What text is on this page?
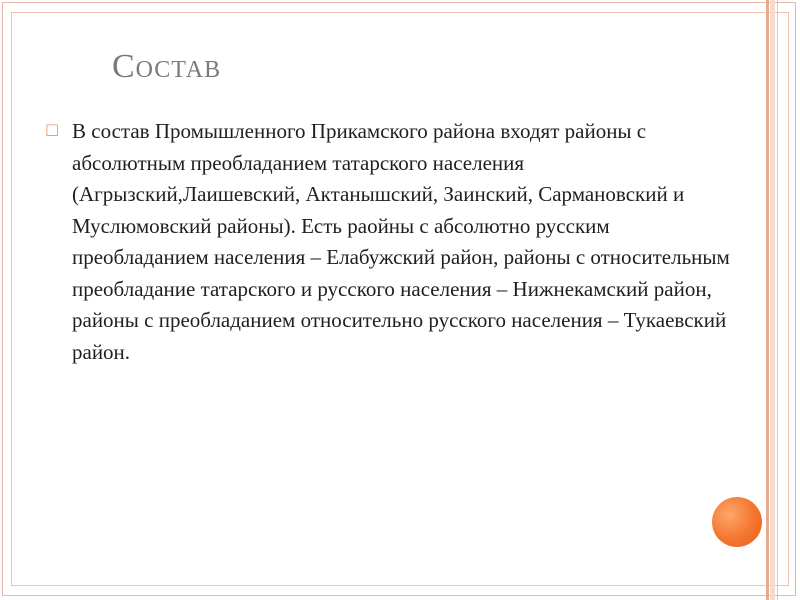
Состав
□ В состав Промышленного Прикамского района входят районы с абсолютным преобладанием татарского населения (Агрызский,Лаишевский, Актанышский, Заинский, Сармановский и Муслюмовский районы). Есть раойны с абсолютно русским преобладанием населения – Елабужский район, районы с относительным преобладание татарского и русского населения – Нижнекамский район, районы с преобладанием относительно русского населения – Тукаевский район.
